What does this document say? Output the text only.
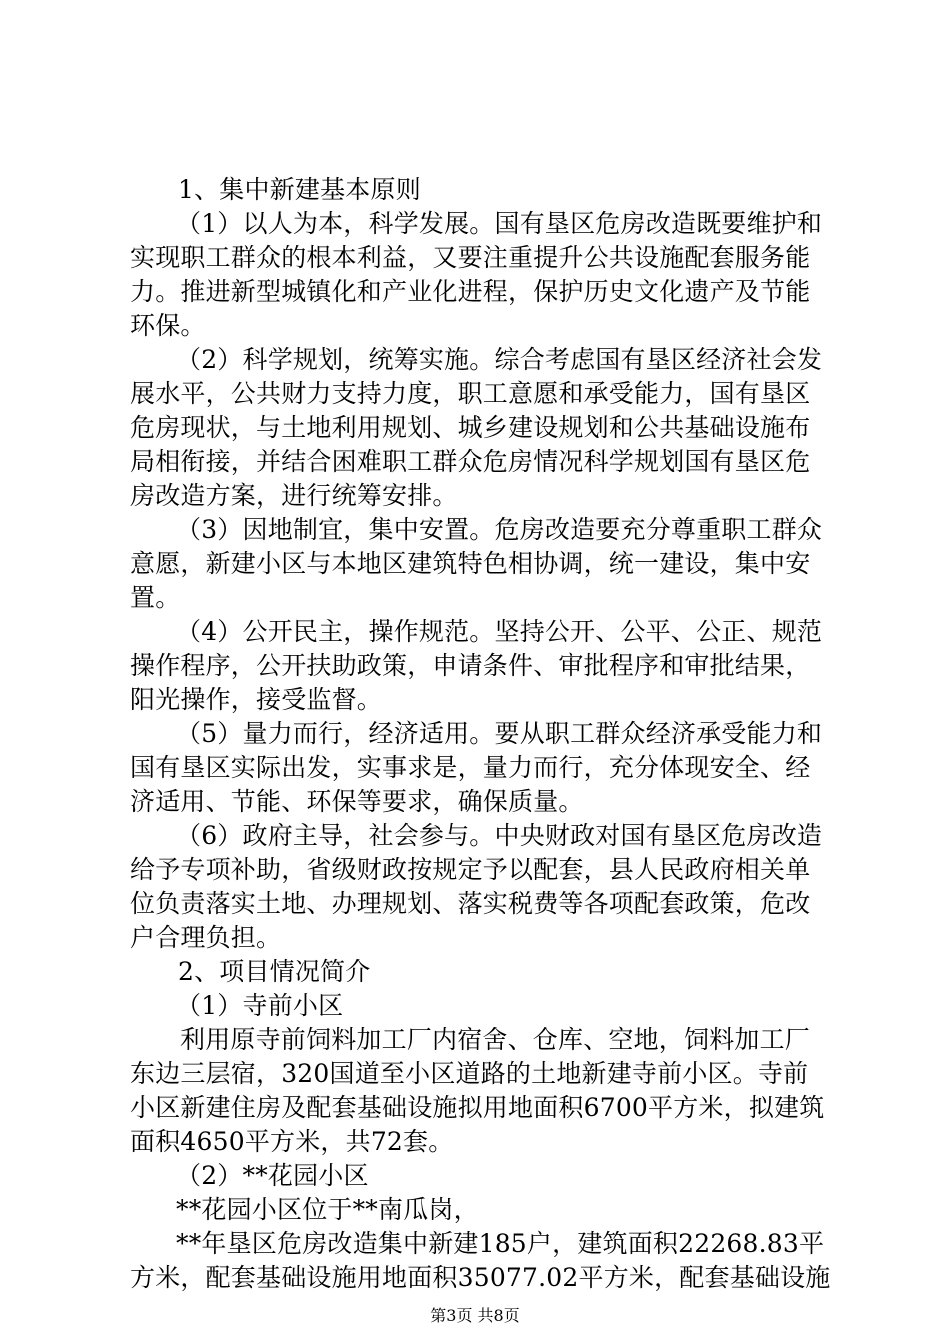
1、集中新建基本原则
（1）以人为本，科学发展。国有垦区危房改造既要维护和
实现职工群众的根本利益，又要注重提升公共设施配套服务能
力。推进新型城镇化和产业化进程，保护历史文化遗产及节能
环保。
（2）科学规划，统筹实施。综合考虑国有垦区经济社会发
展水平，公共财力支持力度，职工意愿和承受能力，国有垦区
危房现状，与土地利用规划、城乡建设规划和公共基础设施布
局相衔接，并结合困难职工群众危房情况科学规划国有垦区危
房改造方案，进行统筹安排。
（3）因地制宜，集中安置。危房改造要充分尊重职工群众
意愿，新建小区与本地区建筑特色相协调，统一建设，集中安
置。
（4）公开民主，操作规范。坚持公开、公平、公正、规范
操作程序，公开扶助政策，申请条件、审批程序和审批结果，
阳光操作，接受监督。
（5）量力而行，经济适用。要从职工群众经济承受能力和
国有垦区实际出发，实事求是，量力而行，充分体现安全、经
济适用、节能、环保等要求，确保质量。
（6）政府主导，社会参与。中央财政对国有垦区危房改造
给予专项补助，省级财政按规定予以配套，县人民政府相关单
位负责落实土地、办理规划、落实税费等各项配套政策，危改
户合理负担。
2、项目情况简介
（1）寺前小区
利用原寺前饲料加工厂内宿舍、仓库、空地，饲料加工厂
东边三层宿，320国道至小区道路的土地新建寺前小区。寺前
小区新建住房及配套基础设施拟用地面积6700平方米，拟建筑
面积4650平方米，共72套。
（2）**花园小区
**花园小区位于**南瓜岗，
**年垦区危房改造集中新建185户，建筑面积22268.83平
方米，配套基础设施用地面积35077.02平方米，配套基础设施
第3页 共8页
